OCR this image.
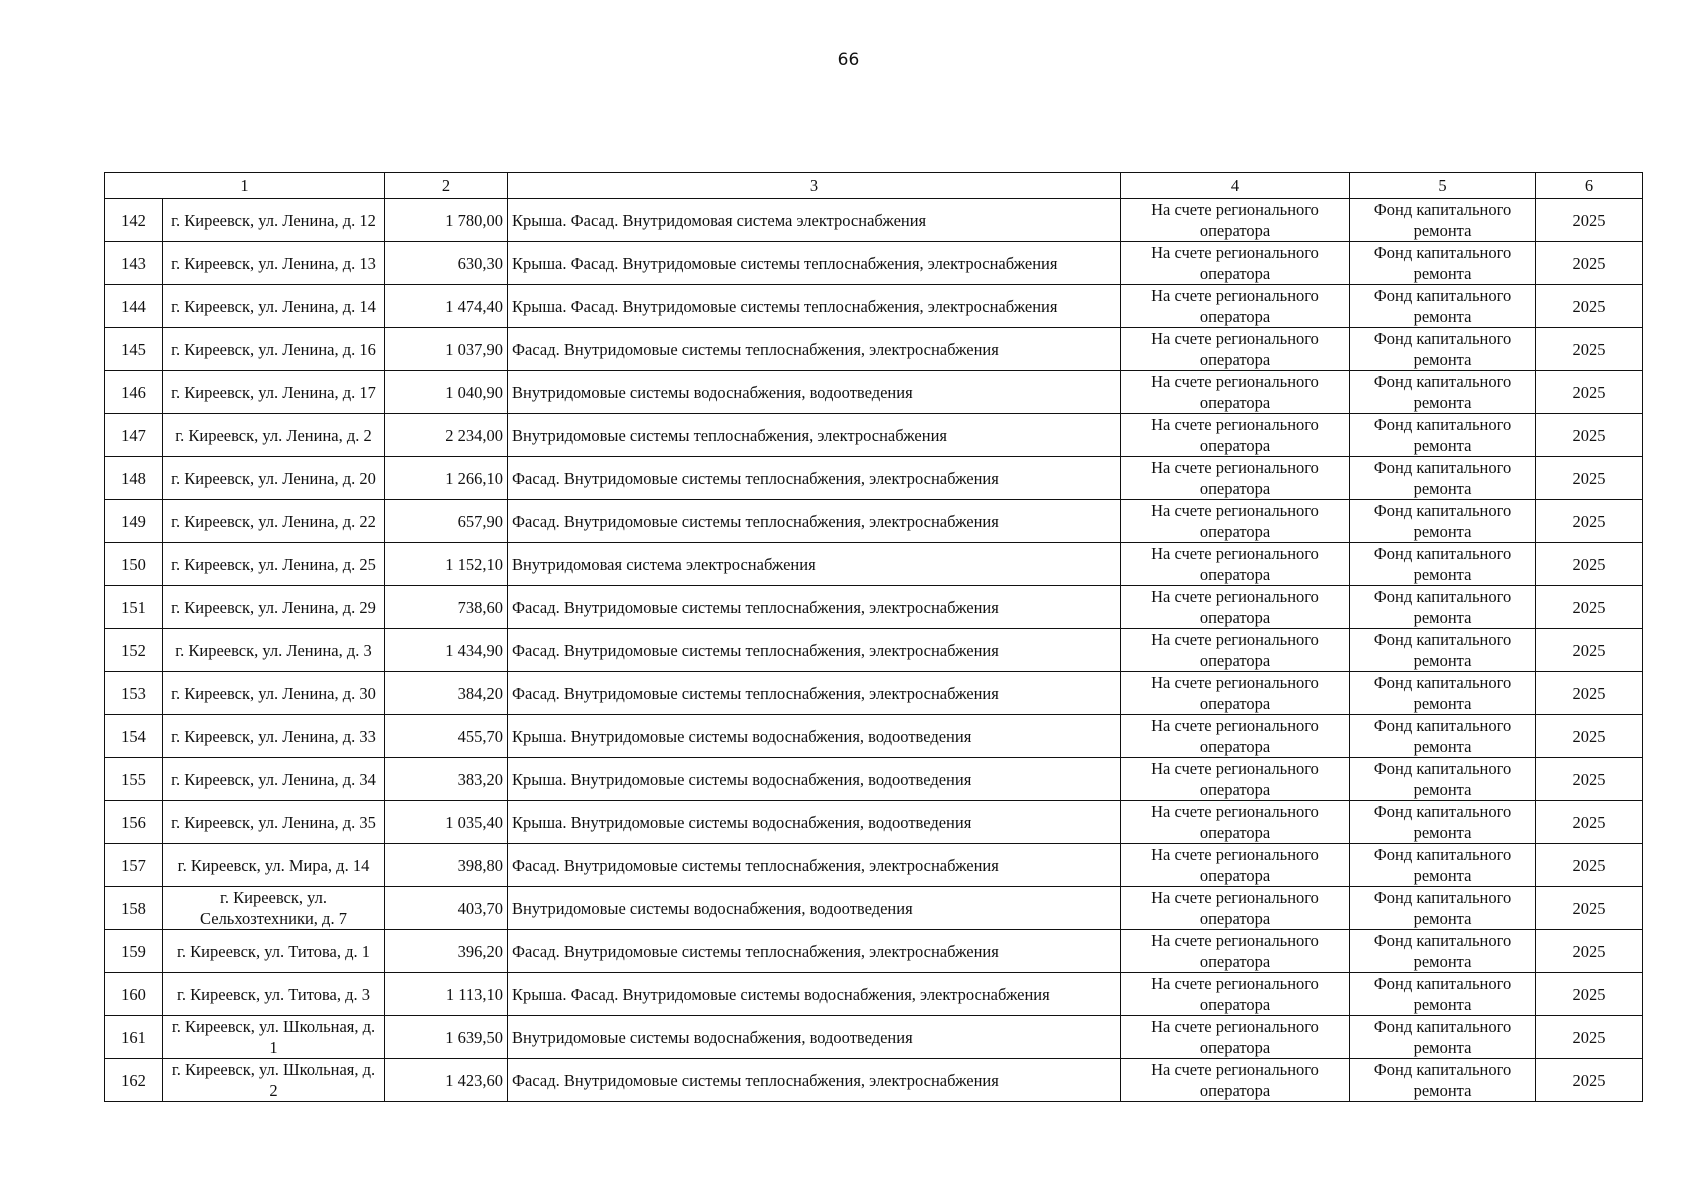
66
1		2	3	4	5	6
142	г. Киреевск, ул. Ленина, д. 12	1 780,00	Крыша. Фасад. Внутридомовая система электроснабжения	На счете регионального оператора	Фонд капитального ремонта	2025
143	г. Киреевск, ул. Ленина, д. 13	630,30	Крыша. Фасад. Внутридомовые системы теплоснабжения, электроснабжения	На счете регионального оператора	Фонд капитального ремонта	2025
144	г. Киреевск, ул. Ленина, д. 14	1 474,40	Крыша. Фасад. Внутридомовые системы теплоснабжения, электроснабжения	На счете регионального оператора	Фонд капитального ремонта	2025
145	г. Киреевск, ул. Ленина, д. 16	1 037,90	Фасад. Внутридомовые системы теплоснабжения, электроснабжения	На счете регионального оператора	Фонд капитального ремонта	2025
146	г. Киреевск, ул. Ленина, д. 17	1 040,90	Внутридомовые системы водоснабжения, водоотведения	На счете регионального оператора	Фонд капитального ремонта	2025
147	г. Киреевск, ул. Ленина, д. 2	2 234,00	Внутридомовые системы теплоснабжения, электроснабжения	На счете регионального оператора	Фонд капитального ремонта	2025
148	г. Киреевск, ул. Ленина, д. 20	1 266,10	Фасад. Внутридомовые системы теплоснабжения, электроснабжения	На счете регионального оператора	Фонд капитального ремонта	2025
149	г. Киреевск, ул. Ленина, д. 22	657,90	Фасад. Внутридомовые системы теплоснабжения, электроснабжения	На счете регионального оператора	Фонд капитального ремонта	2025
150	г. Киреевск, ул. Ленина, д. 25	1 152,10	Внутридомовая система электроснабжения	На счете регионального оператора	Фонд капитального ремонта	2025
151	г. Киреевск, ул. Ленина, д. 29	738,60	Фасад. Внутридомовые системы теплоснабжения, электроснабжения	На счете регионального оператора	Фонд капитального ремонта	2025
152	г. Киреевск, ул. Ленина, д. 3	1 434,90	Фасад. Внутридомовые системы теплоснабжения, электроснабжения	На счете регионального оператора	Фонд капитального ремонта	2025
153	г. Киреевск, ул. Ленина, д. 30	384,20	Фасад. Внутридомовые системы теплоснабжения, электроснабжения	На счете регионального оператора	Фонд капитального ремонта	2025
154	г. Киреевск, ул. Ленина, д. 33	455,70	Крыша. Внутридомовые системы водоснабжения, водоотведения	На счете регионального оператора	Фонд капитального ремонта	2025
155	г. Киреевск, ул. Ленина, д. 34	383,20	Крыша. Внутридомовые системы водоснабжения, водоотведения	На счете регионального оператора	Фонд капитального ремонта	2025
156	г. Киреевск, ул. Ленина, д. 35	1 035,40	Крыша. Внутридомовые системы водоснабжения, водоотведения	На счете регионального оператора	Фонд капитального ремонта	2025
157	г. Киреевск, ул. Мира, д. 14	398,80	Фасад. Внутридомовые системы теплоснабжения, электроснабжения	На счете регионального оператора	Фонд капитального ремонта	2025
158	г. Киреевск, ул. Сельхозтехники, д. 7	403,70	Внутридомовые системы водоснабжения, водоотведения	На счете регионального оператора	Фонд капитального ремонта	2025
159	г. Киреевск, ул. Титова, д. 1	396,20	Фасад. Внутридомовые системы теплоснабжения, электроснабжения	На счете регионального оператора	Фонд капитального ремонта	2025
160	г. Киреевск, ул. Титова, д. 3	1 113,10	Крыша. Фасад. Внутридомовые системы водоснабжения, электроснабжения	На счете регионального оператора	Фонд капитального ремонта	2025
161	г. Киреевск, ул. Школьная, д. 1	1 639,50	Внутридомовые системы водоснабжения, водоотведения	На счете регионального оператора	Фонд капитального ремонта	2025
162	г. Киреевск, ул. Школьная, д. 2	1 423,60	Фасад. Внутридомовые системы теплоснабжения, электроснабжения	На счете регионального оператора	Фонд капитального ремонта	2025
